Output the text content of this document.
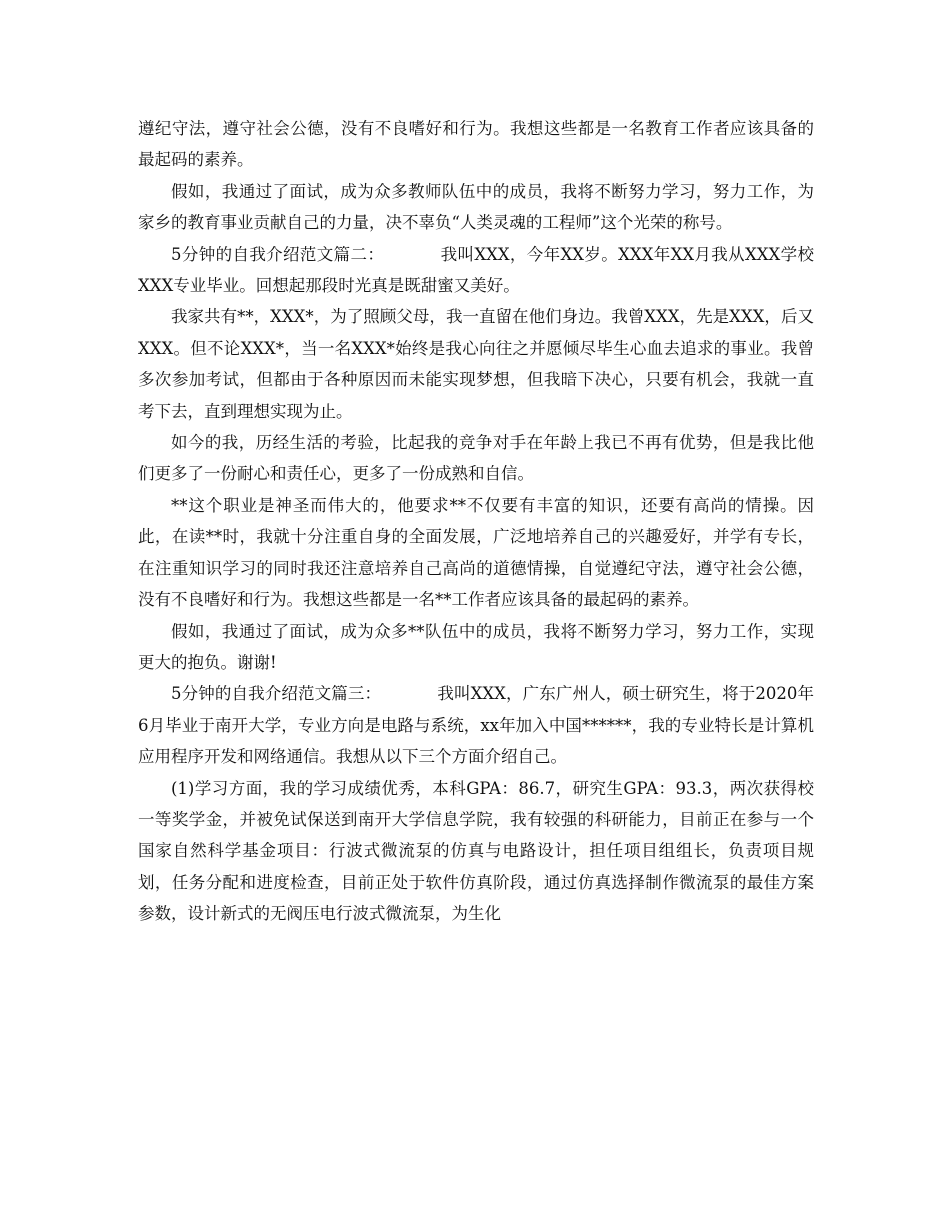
遵纪守法，遵守社会公德，没有不良嗜好和行为。我想这些都是一名教育工作者应该具备的最起码的素养。

假如，我通过了面试，成为众多教师队伍中的成员，我将不断努力学习，努力工作，为家乡的教育事业贡献自己的力量，决不辜负“人类灵魂的工程师”这个光荣的称号。

5分钟的自我介绍范文篇二：	我叫XXX，今年XX岁。XXX年XX月我从XXX学校XXX专业毕业。回想起那段时光真是既甜蜜又美好。

我家共有**，XXX*，为了照顾父母，我一直留在他们身边。我曾XXX，先是XXX，后又XXX。但不论XXX*，当一名XXX*始终是我心向往之并愿倾尽毕生心血去追求的事业。我曾多次参加考试，但都由于各种原因而未能实现梦想，但我暗下决心，只要有机会，我就一直考下去，直到理想实现为止。

如今的我，历经生活的考验，比起我的竞争对手在年龄上我已不再有优势，但是我比他们更多了一份耐心和责任心，更多了一份成熟和自信。

**这个职业是神圣而伟大的，他要求**不仅要有丰富的知识，还要有高尚的情操。因此，在读**时，我就十分注重自身的全面发展，广泛地培养自己的兴趣爱好，并学有专长，在注重知识学习的同时我还注意培养自己高尚的道德情操，自觉遵纪守法，遵守社会公德，没有不良嗜好和行为。我想这些都是一名**工作者应该具备的最起码的素养。

假如，我通过了面试，成为众多**队伍中的成员，我将不断努力学习，努力工作，实现更大的抱负。谢谢!

5分钟的自我介绍范文篇三：	我叫XXX，广东广州人，硕士研究生，将于2020年6月毕业于南开大学，专业方向是电路与系统，xx年加入中国******，我的专业特长是计算机应用程序开发和网络通信。我想从以下三个方面介绍自己。

(1)学习方面，我的学习成绩优秀，本科GPA：86.7，研究生GPA：93.3，两次获得校一等奖学金，并被免试保送到南开大学信息学院，我有较强的科研能力，目前正在参与一个国家自然科学基金项目：行波式微流泵的仿真与电路设计，担任项目组组长，负责项目规划，任务分配和进度检查，目前正处于软件仿真阶段，通过仿真选择制作微流泵的最佳方案参数，设计新式的无阀压电行波式微流泵，为生化
